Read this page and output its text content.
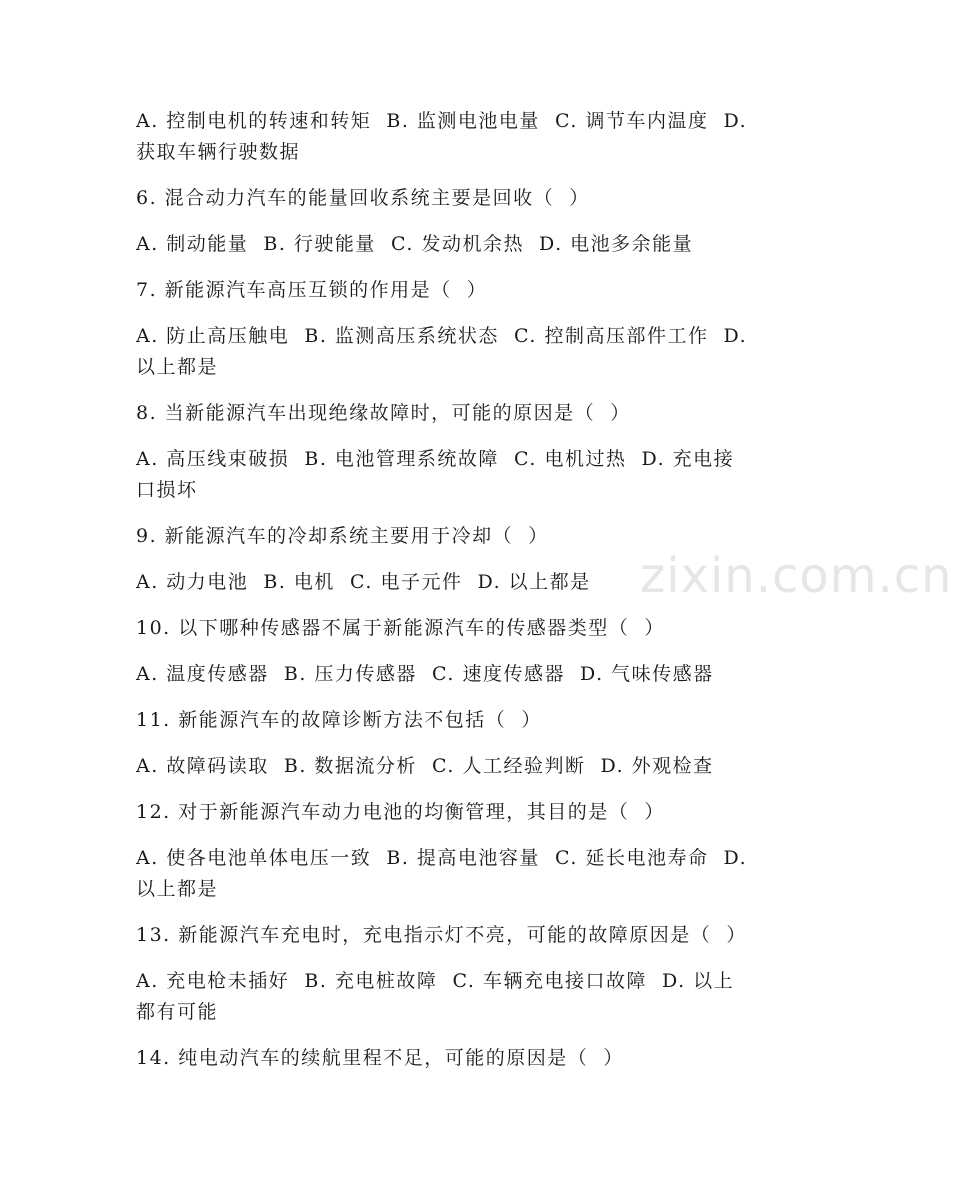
zixin.com.cn
A. 控制电机的转速和转矩  B. 监测电池电量  C. 调节车内温度  D.
获取车辆行驶数据
6. 混合动力汽车的能量回收系统主要是回收（  ）
A. 制动能量  B. 行驶能量  C. 发动机余热  D. 电池多余能量
7. 新能源汽车高压互锁的作用是（  ）
A. 防止高压触电  B. 监测高压系统状态  C. 控制高压部件工作  D.
以上都是
8. 当新能源汽车出现绝缘故障时，可能的原因是（  ）
A. 高压线束破损  B. 电池管理系统故障  C. 电机过热  D. 充电接
口损坏
9. 新能源汽车的冷却系统主要用于冷却（  ）
A. 动力电池  B. 电机  C. 电子元件  D. 以上都是
10. 以下哪种传感器不属于新能源汽车的传感器类型（  ）
A. 温度传感器  B. 压力传感器  C. 速度传感器  D. 气味传感器
11. 新能源汽车的故障诊断方法不包括（  ）
A. 故障码读取  B. 数据流分析  C. 人工经验判断  D. 外观检查
12. 对于新能源汽车动力电池的均衡管理，其目的是（  ）
A. 使各电池单体电压一致  B. 提高电池容量  C. 延长电池寿命  D.
以上都是
13. 新能源汽车充电时，充电指示灯不亮，可能的故障原因是（  ）
A. 充电枪未插好  B. 充电桩故障  C. 车辆充电接口故障  D. 以上
都有可能
14. 纯电动汽车的续航里程不足，可能的原因是（  ）
